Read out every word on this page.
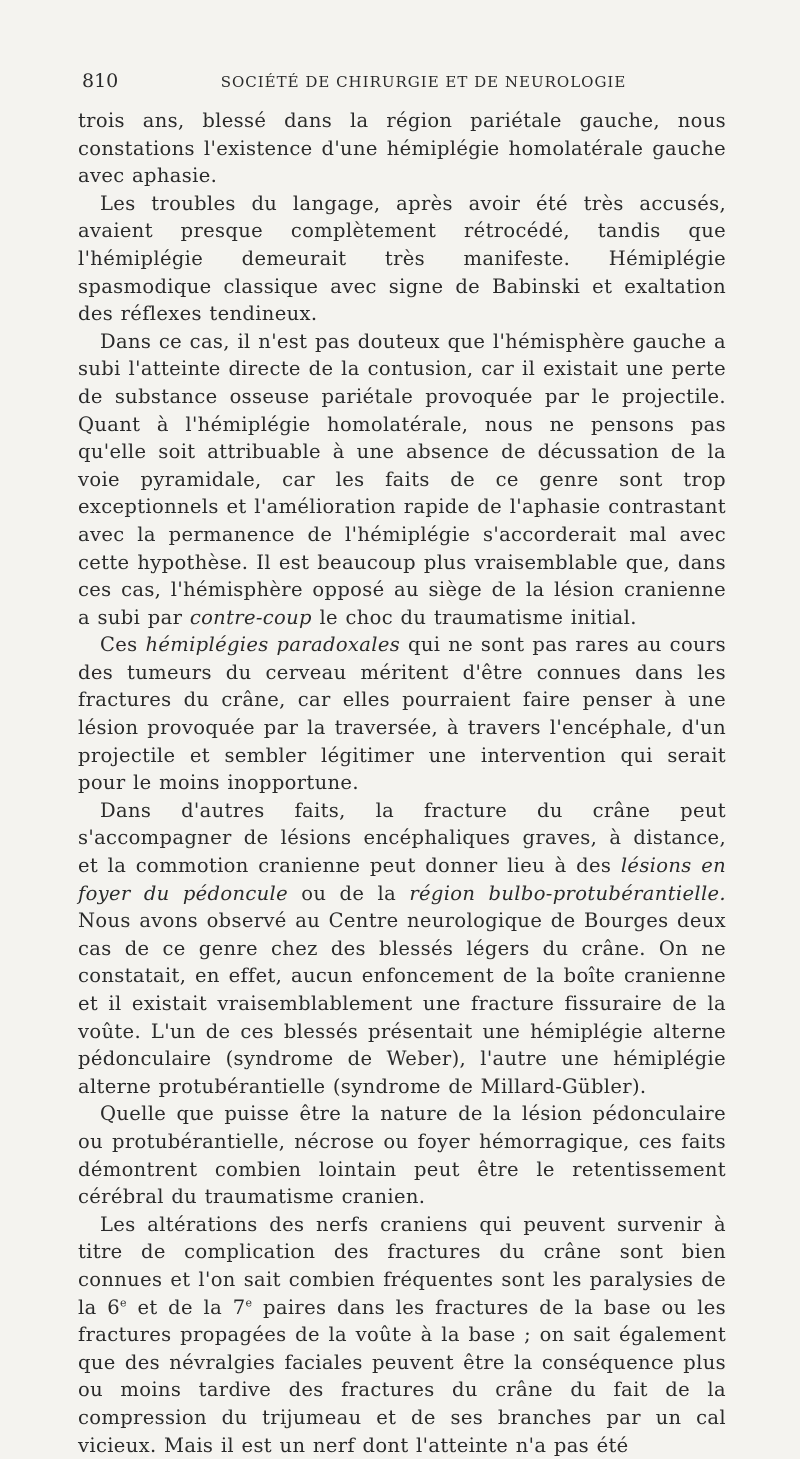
810	SOCIÉTÉ DE CHIRURGIE ET DE NEUROLOGIE

trois ans, blessé dans la région pariétale gauche, nous constations l'existence d'une hémiplégie homolatérale gauche avec aphasie.

Les troubles du langage, après avoir été très accusés, avaient presque complètement rétrocédé, tandis que l'hémiplégie demeurait très manifeste. Hémiplégie spasmodique classique avec signe de Babinski et exaltation des réflexes tendineux.

Dans ce cas, il n'est pas douteux que l'hémisphère gauche a subi l'atteinte directe de la contusion, car il existait une perte de substance osseuse pariétale provoquée par le projectile. Quant à l'hémiplégie homolatérale, nous ne pensons pas qu'elle soit attribuable à une absence de décussation de la voie pyramidale, car les faits de ce genre sont trop exceptionnels et l'amélioration rapide de l'aphasie contrastant avec la permanence de l'hémiplégie s'accorderait mal avec cette hypothèse. Il est beaucoup plus vraisemblable que, dans ces cas, l'hémisphère opposé au siège de la lésion cranienne a subi par contre-coup le choc du traumatisme initial.

Ces hémiplégies paradoxales qui ne sont pas rares au cours des tumeurs du cerveau méritent d'être connues dans les fractures du crâne, car elles pourraient faire penser à une lésion provoquée par la traversée, à travers l'encéphale, d'un projectile et sembler légitimer une intervention qui serait pour le moins inopportune.

Dans d'autres faits, la fracture du crâne peut s'accompagner de lésions encéphaliques graves, à distance, et la commotion cranienne peut donner lieu à des lésions en foyer du pédoncule ou de la région bulbo-protubérantielle. Nous avons observé au Centre neurologique de Bourges deux cas de ce genre chez des blessés légers du crâne. On ne constatait, en effet, aucun enfoncement de la boîte cranienne et il existait vraisemblablement une fracture fissuraire de la voûte. L'un de ces blessés présentait une hémiplégie alterne pédonculaire (syndrome de Weber), l'autre une hémiplégie alterne protubérantielle (syndrome de Millard-Gübler).

Quelle que puisse être la nature de la lésion pédonculaire ou protubérantielle, nécrose ou foyer hémorragique, ces faits démontrent combien lointain peut être le retentissement cérébral du traumatisme cranien.

Les altérations des nerfs craniens qui peuvent survenir à titre de complication des fractures du crâne sont bien connues et l'on sait combien fréquentes sont les paralysies de la 6e et de la 7e paires dans les fractures de la base ou les fractures propagées de la voûte à la base ; on sait également que des névralgies faciales peuvent être la conséquence plus ou moins tardive des fractures du crâne du fait de la compression du trijumeau et de ses branches par un cal vicieux. Mais il est un nerf dont l'atteinte n'a pas été
